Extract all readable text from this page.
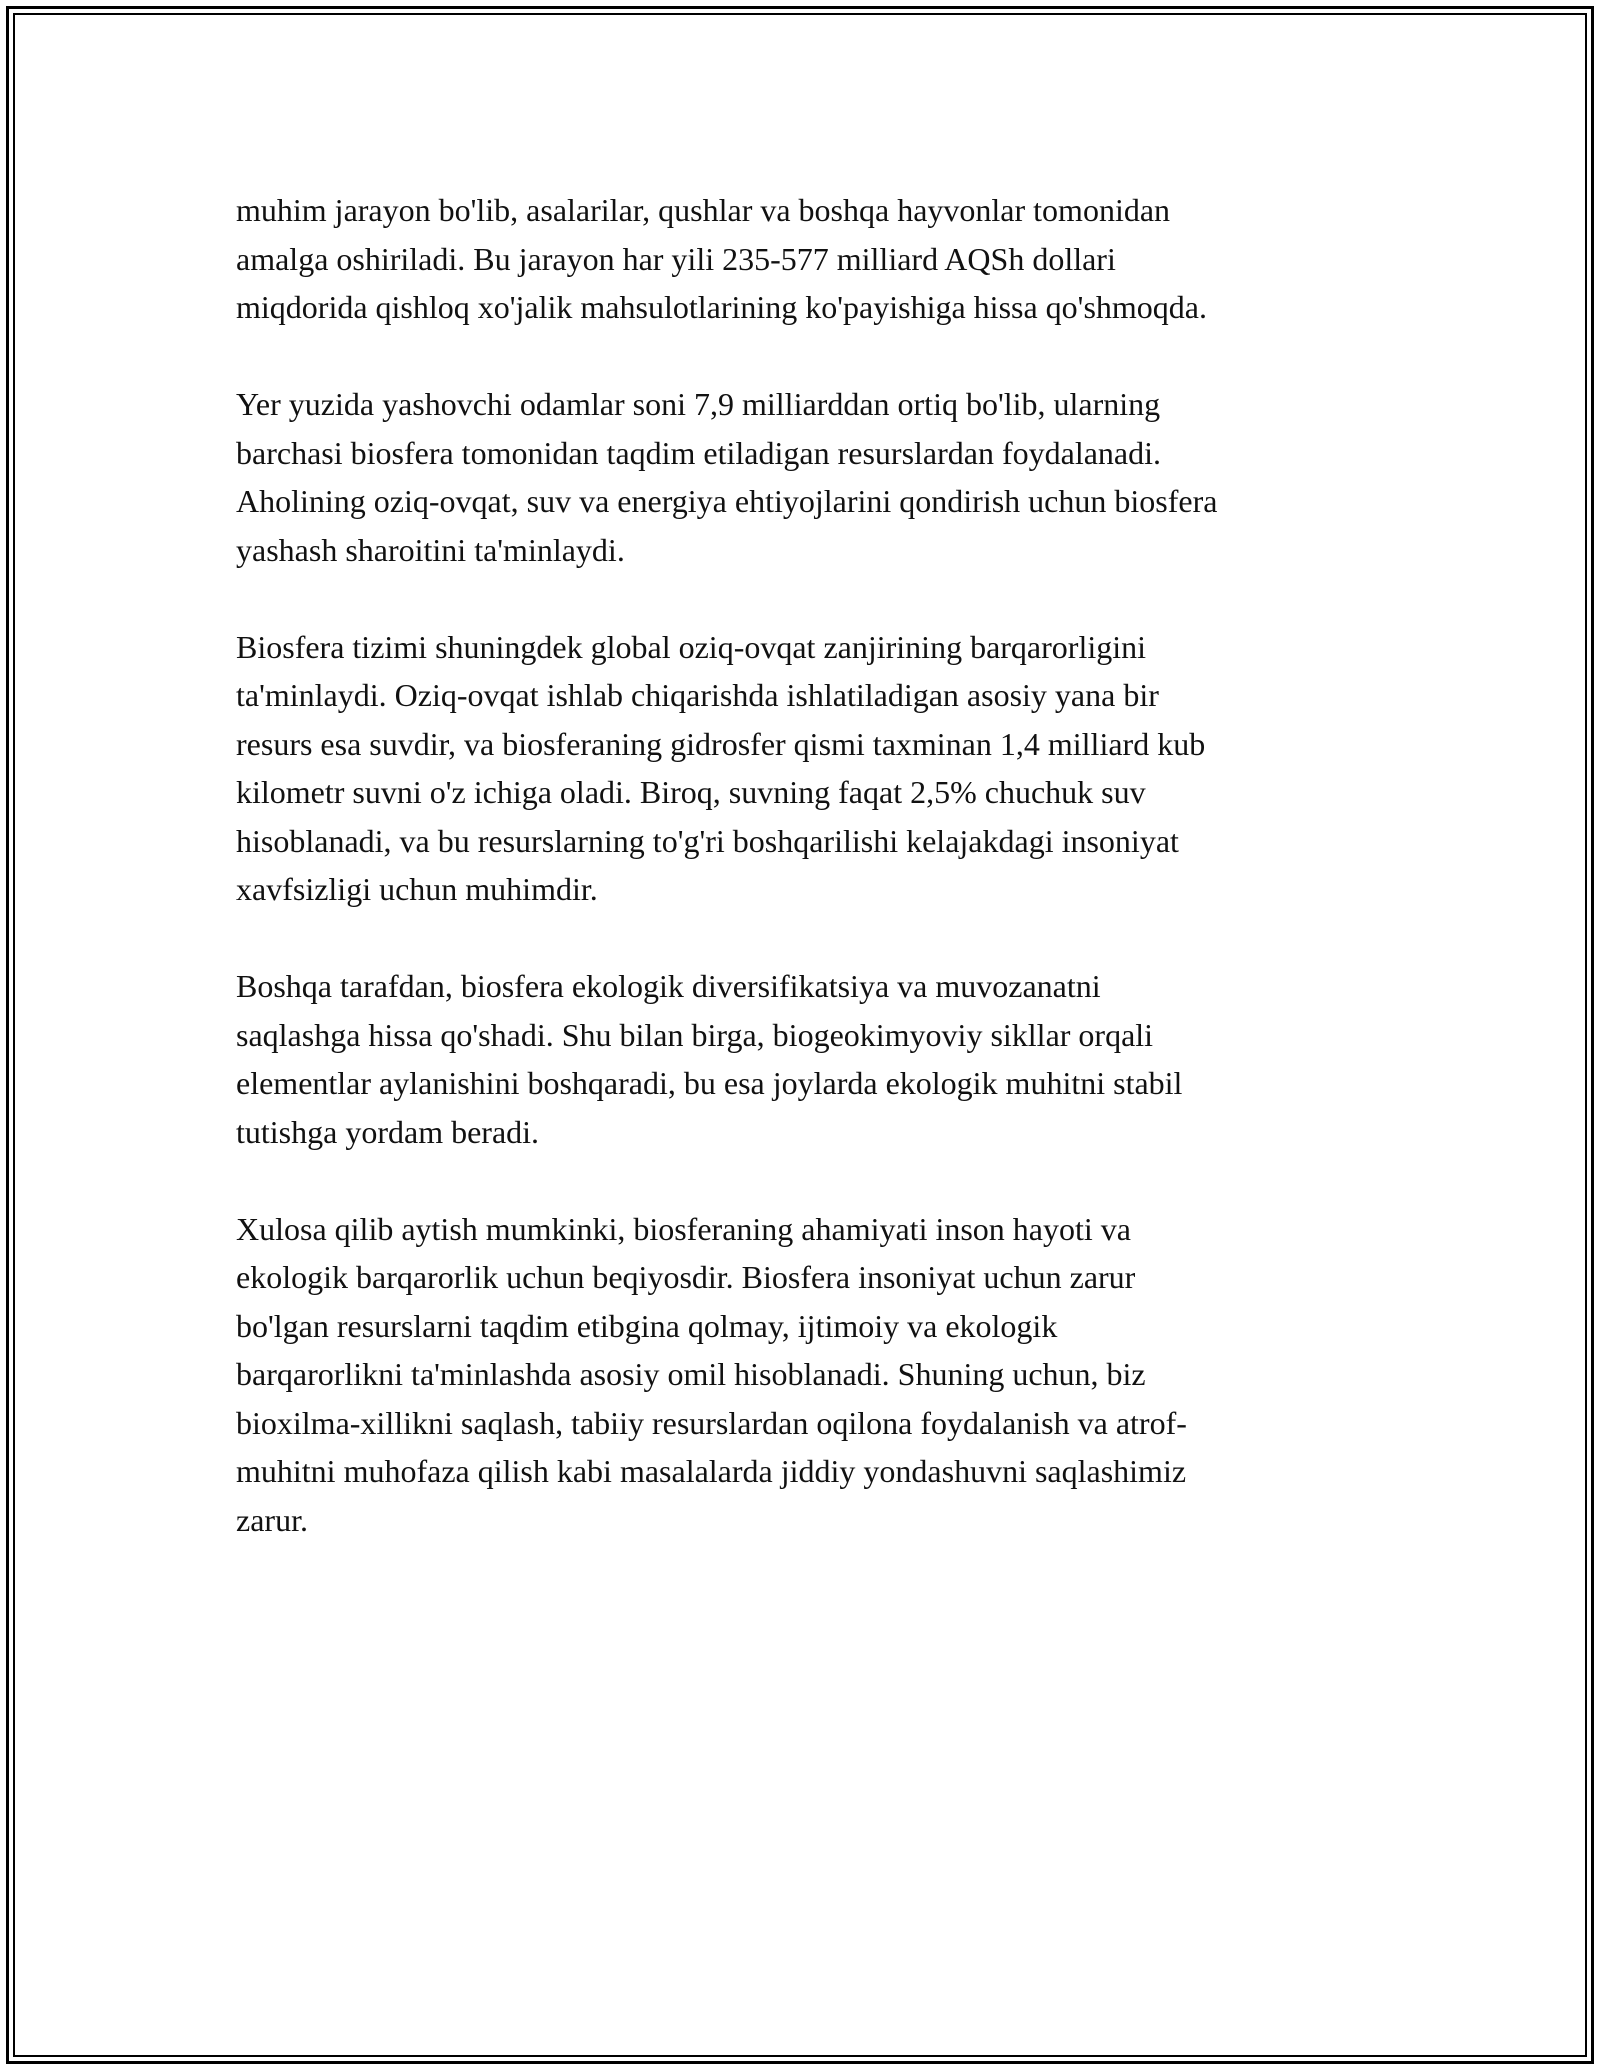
muhim jarayon bo'lib, asalarilar, qushlar va boshqa hayvonlar tomonidan
amalga oshiriladi. Bu jarayon har yili 235-577 milliard AQSh dollari
miqdorida qishloq xo'jalik mahsulotlarining ko'payishiga hissa qo'shmoqda.
Yer yuzida yashovchi odamlar soni 7,9 milliarddan ortiq bo'lib, ularning
barchasi biosfera tomonidan taqdim etiladigan resurslardan foydalanadi.
Aholining oziq-ovqat, suv va energiya ehtiyojlarini qondirish uchun biosfera
yashash sharoitini ta'minlaydi.
Biosfera tizimi shuningdek global oziq-ovqat zanjirining barqarorligini
ta'minlaydi. Oziq-ovqat ishlab chiqarishda ishlatiladigan asosiy yana bir
resurs esa suvdir, va biosferaning gidrosfer qismi taxminan 1,4 milliard kub
kilometr suvni o'z ichiga oladi. Biroq, suvning faqat 2,5% chuchuk suv
hisoblanadi, va bu resurslarning to'g'ri boshqarilishi kelajakdagi insoniyat
xavfsizligi uchun muhimdir.
Boshqa tarafdan, biosfera ekologik diversifikatsiya va muvozanatni
saqlashga hissa qo'shadi. Shu bilan birga, biogeokimyoviy sikllar orqali
elementlar aylanishini boshqaradi, bu esa joylarda ekologik muhitni stabil
tutishga yordam beradi.
Xulosa qilib aytish mumkinki, biosferaning ahamiyati inson hayoti va
ekologik barqarorlik uchun beqiyosdir. Biosfera insoniyat uchun zarur
bo'lgan resurslarni taqdim etibgina qolmay, ijtimoiy va ekologik
barqarorlikni ta'minlashda asosiy omil hisoblanadi. Shuning uchun, biz
bioxilma-xillikni saqlash, tabiiy resurslardan oqilona foydalanish va atrof-
muhitni muhofaza qilish kabi masalalarda jiddiy yondashuvni saqlashimiz
zarur.
